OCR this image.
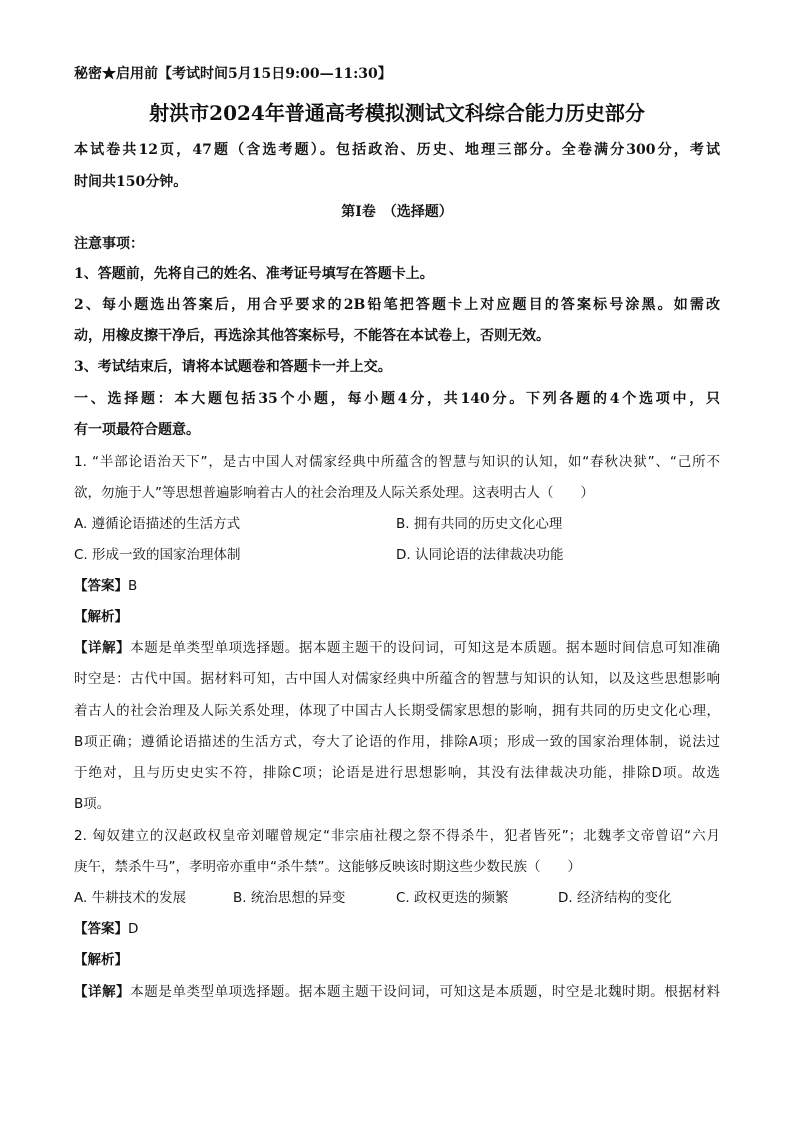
秘密★启用前【考试时间5月15日9:00—11:30】
射洪市2024年普通高考模拟测试文科综合能力历史部分
本试卷共12页，47题（含选考题）。包括政治、历史、地理三部分。全卷满分300分，考试
时间共150分钟。
第Ⅰ卷　（选择题）
注意事项：
1、答题前，先将自己的姓名、准考证号填写在答题卡上。
2、每小题选出答案后，用合乎要求的2B铅笔把答题卡上对应题目的答案标号涂黑。如需改
动，用橡皮擦干净后，再选涂其他答案标号，不能答在本试卷上，否则无效。
3、考试结束后，请将本试题卷和答题卡一并上交。
一、选择题：本大题包括35个小题，每小题4分，共140分。下列各题的4个选项中，只
有一项最符合题意。
1. “半部论语治天下”，是古中国人对儒家经典中所蕴含的智慧与知识的认知，如“春秋决狱”、“己所不
欲，勿施于人”等思想普遍影响着古人的社会治理及人际关系处理。这表明古人（　　）
A. 遵循论语描述的生活方式	B. 拥有共同的历史文化心理
C. 形成一致的国家治理体制	D. 认同论语的法律裁决功能
【答案】B
【解析】
【详解】本题是单类型单项选择题。据本题主题干的设问词，可知这是本质题。据本题时间信息可知准确
时空是：古代中国。据材料可知，古中国人对儒家经典中所蕴含的智慧与知识的认知，以及这些思想影响
着古人的社会治理及人际关系处理，体现了中国古人长期受儒家思想的影响，拥有共同的历史文化心理，
B项正确；遵循论语描述的生活方式，夸大了论语的作用，排除A项；形成一致的国家治理体制，说法过
于绝对，且与历史史实不符，排除C项；论语是进行思想影响，其没有法律裁决功能，排除D项。故选
B项。
2. 匈奴建立的汉赵政权皇帝刘曜曾规定“非宗庙社稷之祭不得杀牛，犯者皆死”；北魏孝文帝曾诏“六月
庚午，禁杀牛马”，孝明帝亦重申“杀牛禁”。这能够反映该时期这些少数民族（　　）
A. 牛耕技术的发展	B. 统治思想的异变	C. 政权更迭的频繁	D. 经济结构的变化
【答案】D
【解析】
【详解】本题是单类型单项选择题。据本题主题干设问词，可知这是本质题，时空是北魏时期。根据材料
